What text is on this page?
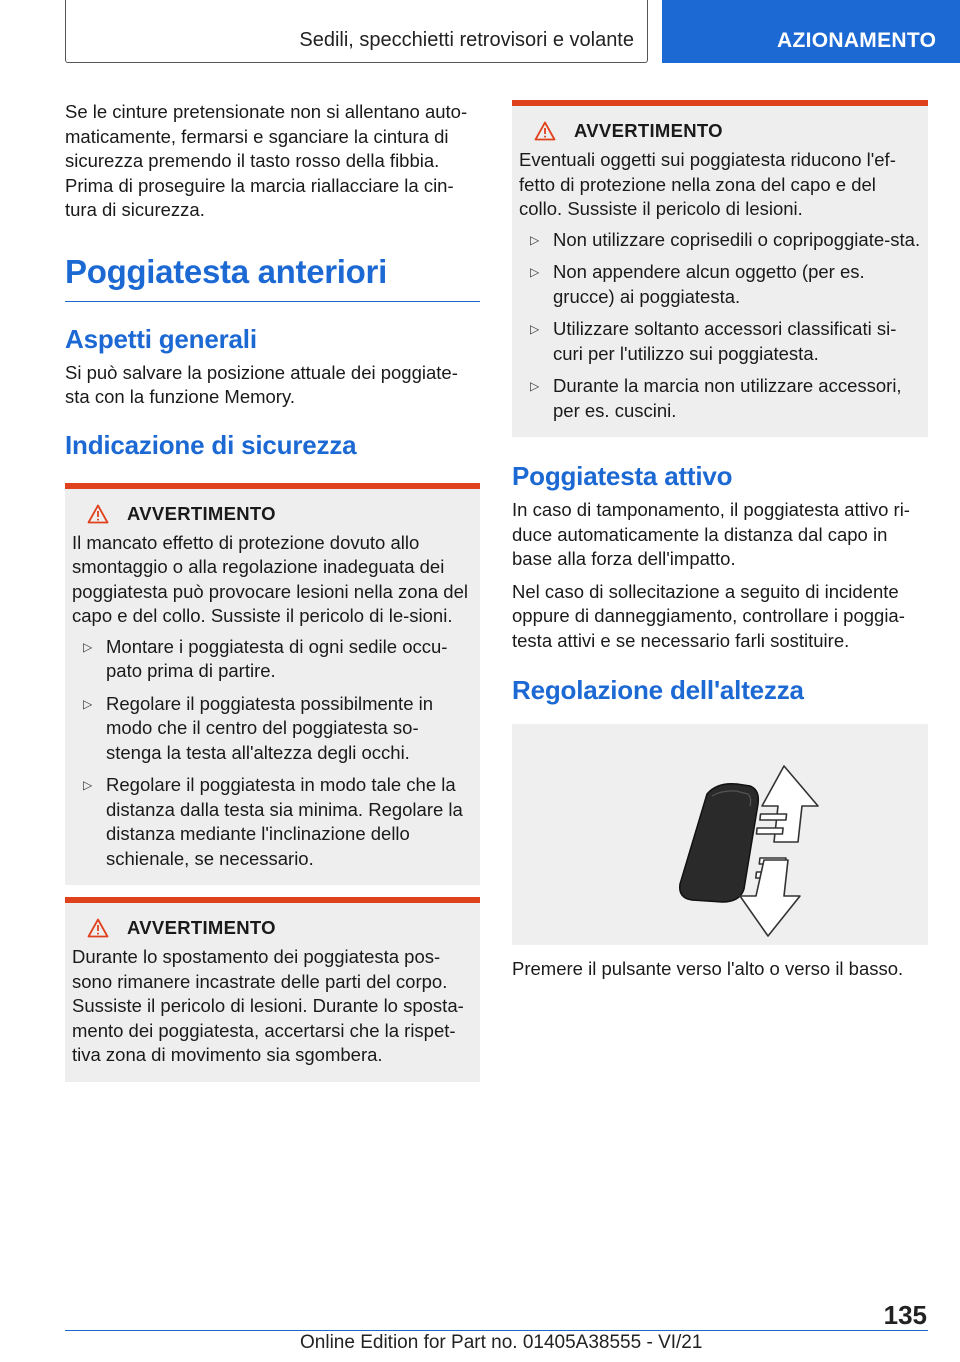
Sedili, specchietti retrovisori e volante	AZIONAMENTO

Se le cinture pretensionate non si allentano auto-maticamente, fermarsi e sganciare la cintura di sicurezza premendo il tasto rosso della fibbia. Prima di proseguire la marcia riallacciare la cin-tura di sicurezza.

Poggiatesta anteriori
Aspetti generali

Si può salvare la posizione attuale dei poggiate-sta con la funzione Memory.

Indicazione di sicurezza
AVVERTIMENTO
Il mancato effetto di protezione dovuto allo smontaggio o alla regolazione inadeguata dei poggiatesta può provocare lesioni nella zona del capo e del collo. Sussiste il pericolo di le-sioni.
▷ Montare i poggiatesta di ogni sedile occu-pato prima di partire.
▷ Regolare il poggiatesta possibilmente in modo che il centro del poggiatesta so-stenga la testa all'altezza degli occhi.
▷ Regolare il poggiatesta in modo tale che la distanza dalla testa sia minima. Regolare la distanza mediante l'inclinazione dello schienale, se necessario.
AVVERTIMENTO
Durante lo spostamento dei poggiatesta pos-sono rimanere incastrate delle parti del corpo. Sussiste il pericolo di lesioni. Durante lo sposta-mento dei poggiatesta, accertarsi che la rispet-tiva zona di movimento sia sgombera.
AVVERTIMENTO
Eventuali oggetti sui poggiatesta riducono l'ef-fetto di protezione nella zona del capo e del collo. Sussiste il pericolo di lesioni.
▷ Non utilizzare coprisedili o copripoggiate-sta.
▷ Non appendere alcun oggetto (per es. grucce) ai poggiatesta.
▷ Utilizzare soltanto accessori classificati si-curi per l'utilizzo sui poggiatesta.
▷ Durante la marcia non utilizzare accessori, per es. cuscini.
Poggiatesta attivo

In caso di tamponamento, il poggiatesta attivo ri-duce automaticamente la distanza dal capo in base alla forza dell'impatto.

Nel caso di sollecitazione a seguito di incidente oppure di danneggiamento, controllare i poggia-testa attivi e se necessario farli sostituire.

Regolazione dell'altezza

Premere il pulsante verso l'alto o verso il basso.

135
Online Edition for Part no. 01405A38555 - VI/21
